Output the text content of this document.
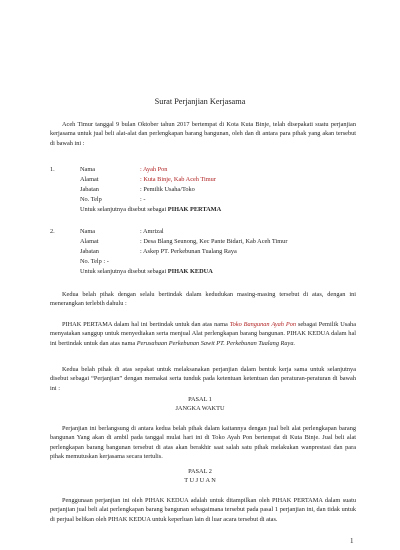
Surat Perjanjian Kerjasama
Aceh Timur tanggal 9 bulan Oktober tahun 2017 bertempat di Kota Kuta Binje, telah disepakati suatu perjanjian kerjasama untuk jual beli alat-alat dan perlengkapan barang bangunan, oleh dan di antara para pihak yang akan tersebut di bawah ini :
1.	Nama	: Ayah Pon
Alamat	: Kuta Binje, Kab Aceh Timur
Jabatan	: Pemilik Usaha/Toko
No. Telp	: -
Untuk selanjutnya disebut sebagai PIHAK PERTAMA
2.	Nama	: Amrizal
Alamat	: Desa Blang Seunong, Kec Pante Bidari, Kab Aceh Timur
Jabatan	: Askep PT. Perkebunan Tualang Raya
No. Telp : -
Untuk selanjutnya disebut sebagai PIHAK KEDUA
Kedua belah pihak dengan selalu bertindak dalam kedudukan masing-masing tersebut di atas, dengan ini menerangkan terlebih dahulu :
PIHAK PERTAMA dalam hal ini bertindak untuk dan atas nama Toko Bangunan Ayah Pon sebagai Pemilik Usaha menyatakan sanggup untuk menyediakan serta menjual Alat perlengkapan barang bangunan. PIHAK KEDUA dalam hal ini bertindak untuk dan atas nama Perusahaan Perkebunan Sawit PT. Perkebunan Tualang Raya.
Kedua belah pihak di atas sepakat untuk melaksanakan perjanjian dalam bentuk kerja sama untuk selanjutnya disebut sebagai “Perjanjian” dengan memakai serta tunduk pada ketentuan ketentuan dan peraturan-peraturan di bawah ini :
PASAL 1
JANGKA WAKTU
Perjanjian ini berlangsung di antara kedua belah pihak dalam kaitannya dengan jual beli alat perlengkapan barang bangunan Yang akan di ambil pada tanggal mulai hari ini di Toko Ayah Pon bertempat di Kuta Binje. Jual beli alat perlengkapan barang bangunan tersebut di atas akan berakhir saat salah satu pihak melakukan wanprestasi dan para pihak memutuskan kerjasama secara tertulis.
PASAL 2
T U J U A N
Penggunaan perjanjian ini oleh PIHAK KEDUA adalah untuk ditampilkan oleh PIHAK PERTAMA dalam suatu perjanjian jual beli alat perlengkapan barang bangunan sebagaimana tersebut pada pasal 1 perjanjian ini, dan tidak untuk di perjual belikan oleh PIHAK KEDUA untuk keperluan lain di luar acara tersebut di atas.
1
